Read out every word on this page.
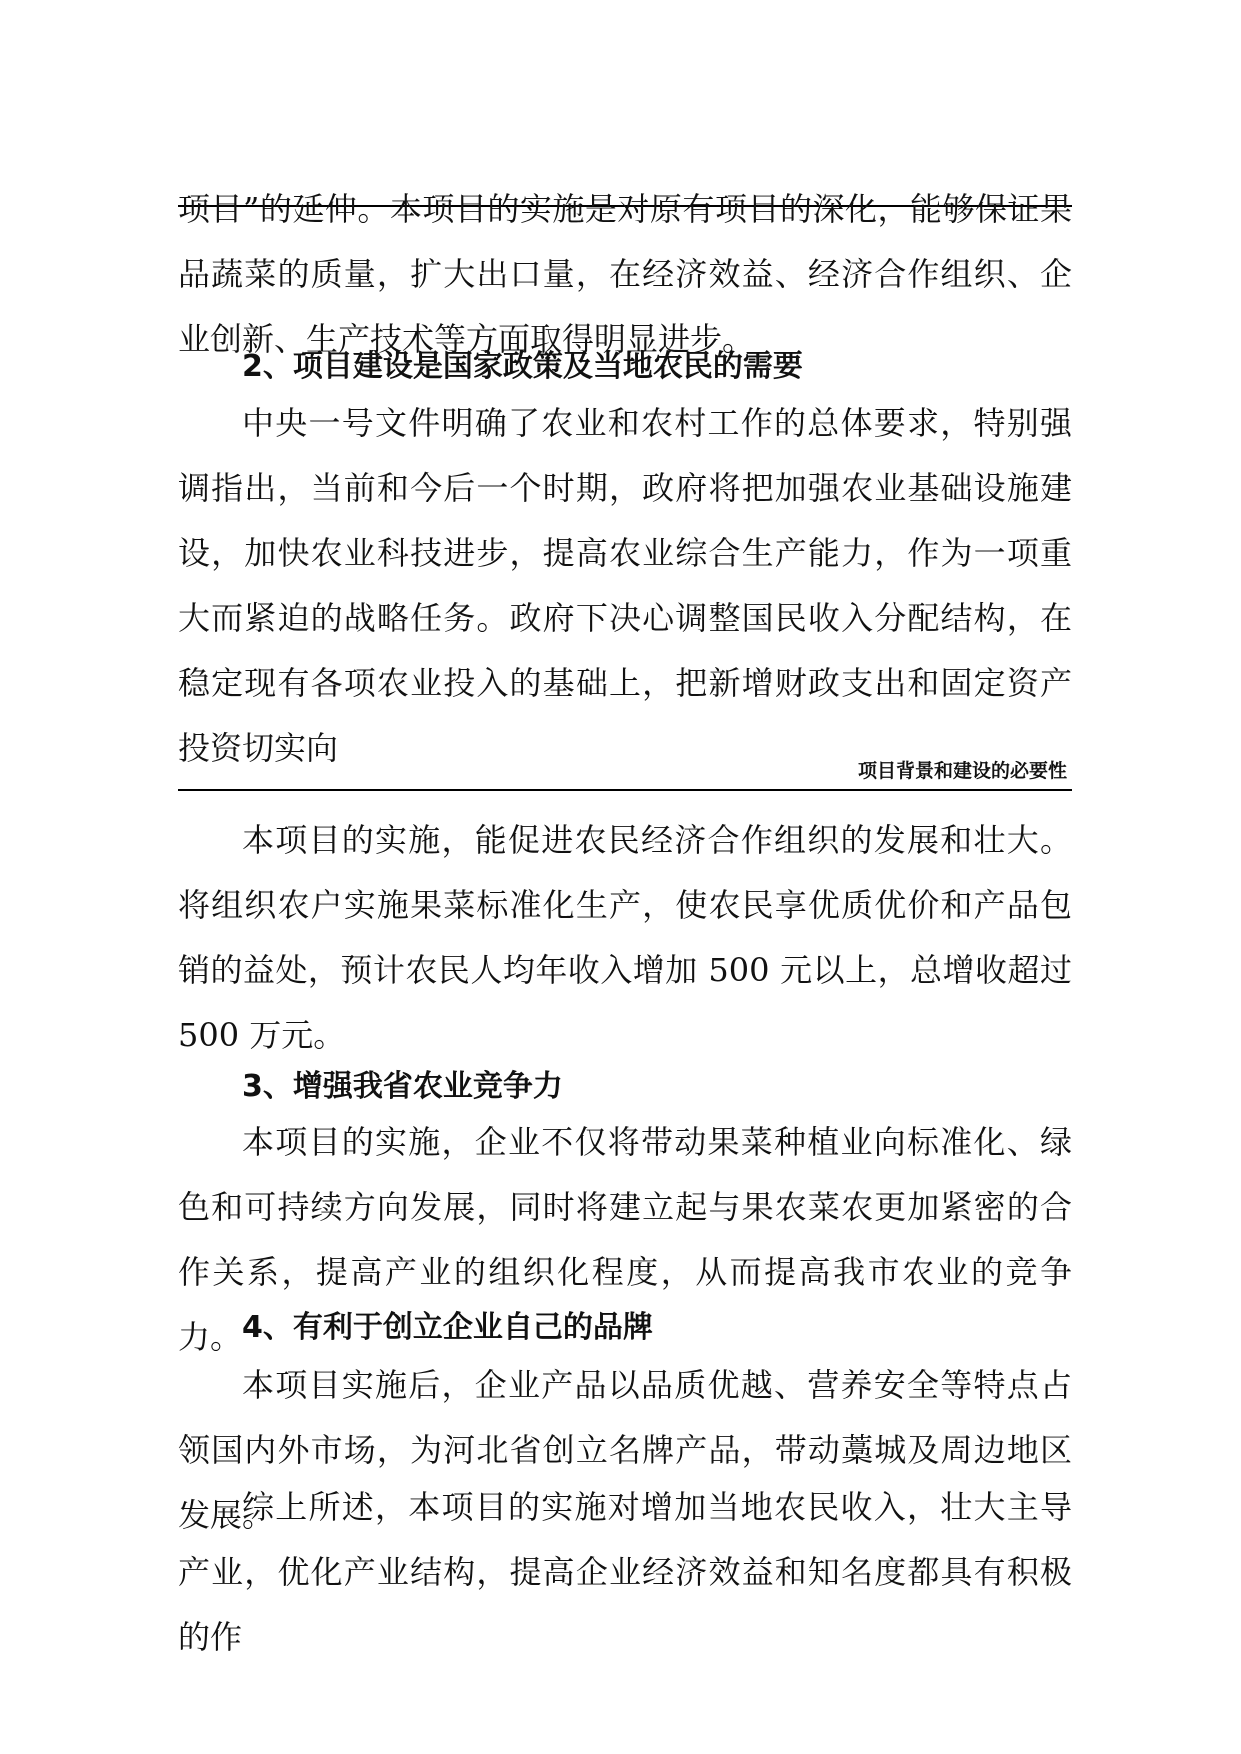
项目”的延伸。本项目的实施是对原有项目的深化，能够保证果品蔬菜的质量，扩大出口量，在经济效益、经济合作组织、企业创新、生产技术等方面取得明显进步。

2、项目建设是国家政策及当地农民的需要

中央一号文件明确了农业和农村工作的总体要求，特别强调指出，当前和今后一个时期，政府将把加强农业基础设施建设，加快农业科技进步，提高农业综合生产能力，作为一项重大而紧迫的战略任务。政府下决心调整国民收入分配结构，在稳定现有各项农业投入的基础上，把新增财政支出和固定资产投资切实向

项目背景和建设的必要性

本项目的实施，能促进农民经济合作组织的发展和壮大。将组织农户实施果菜标准化生产，使农民享优质优价和产品包销的益处，预计农民人均年收入增加 500 元以上，总增收超过 500 万元。

3、增强我省农业竞争力

本项目的实施，企业不仅将带动果菜种植业向标准化、绿色和可持续方向发展，同时将建立起与果农菜农更加紧密的合作关系，提高产业的组织化程度，从而提高我市农业的竞争力。 4、有利于创立企业自己的品牌

本项目实施后，企业产品以品质优越、营养安全等特点占领国内外市场，为河北省创立名牌产品，带动藁城及周边地区发展。

综上所述，本项目的实施对增加当地农民收入，壮大主导产业，优化产业结构，提高企业经济效益和知名度都具有积极的作
